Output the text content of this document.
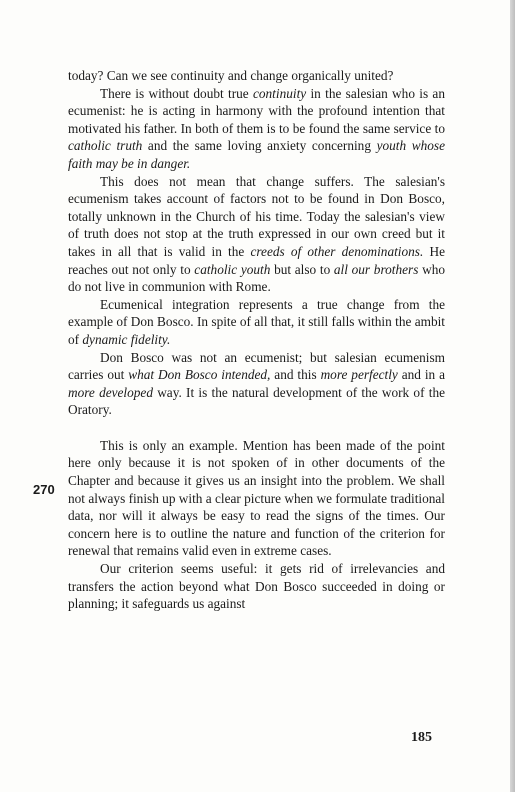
today? Can we see continuity and change organically united?

There is without doubt true continuity in the salesian who is an ecumenist: he is acting in harmony with the profound intention that motivated his father. In both of them is to be found the same service to catholic truth and the same loving anxiety concerning youth whose faith may be in danger.

This does not mean that change suffers. The salesian's ecumenism takes account of factors not to be found in Don Bosco, totally unknown in the Church of his time. Today the salesian's view of truth does not stop at the truth expressed in our own creed but it takes in all that is valid in the creeds of other denominations. He reaches out not only to catholic youth but also to all our brothers who do not live in communion with Rome.

Ecumenical integration represents a true change from the example of Don Bosco. In spite of all that, it still falls within the ambit of dynamic fidelity.

Don Bosco was not an ecumenist; but salesian ecumenism carries out what Don Bosco intended, and this more perfectly and in a more developed way. It is the natural development of the work of the Oratory.

This is only an example. Mention has been made of the point here only because it is not spoken of in other documents of the Chapter and because it gives us an insight into the problem. We shall not always finish up with a clear picture when we formulate traditional data, nor will it always be easy to read the signs of the times. Our concern here is to outline the nature and function of the criterion for renewal that remains valid even in extreme cases.

Our criterion seems useful: it gets rid of irrelevancies and transfers the action beyond what Don Bosco succeeded in doing or planning; it safeguards us against

270
185
